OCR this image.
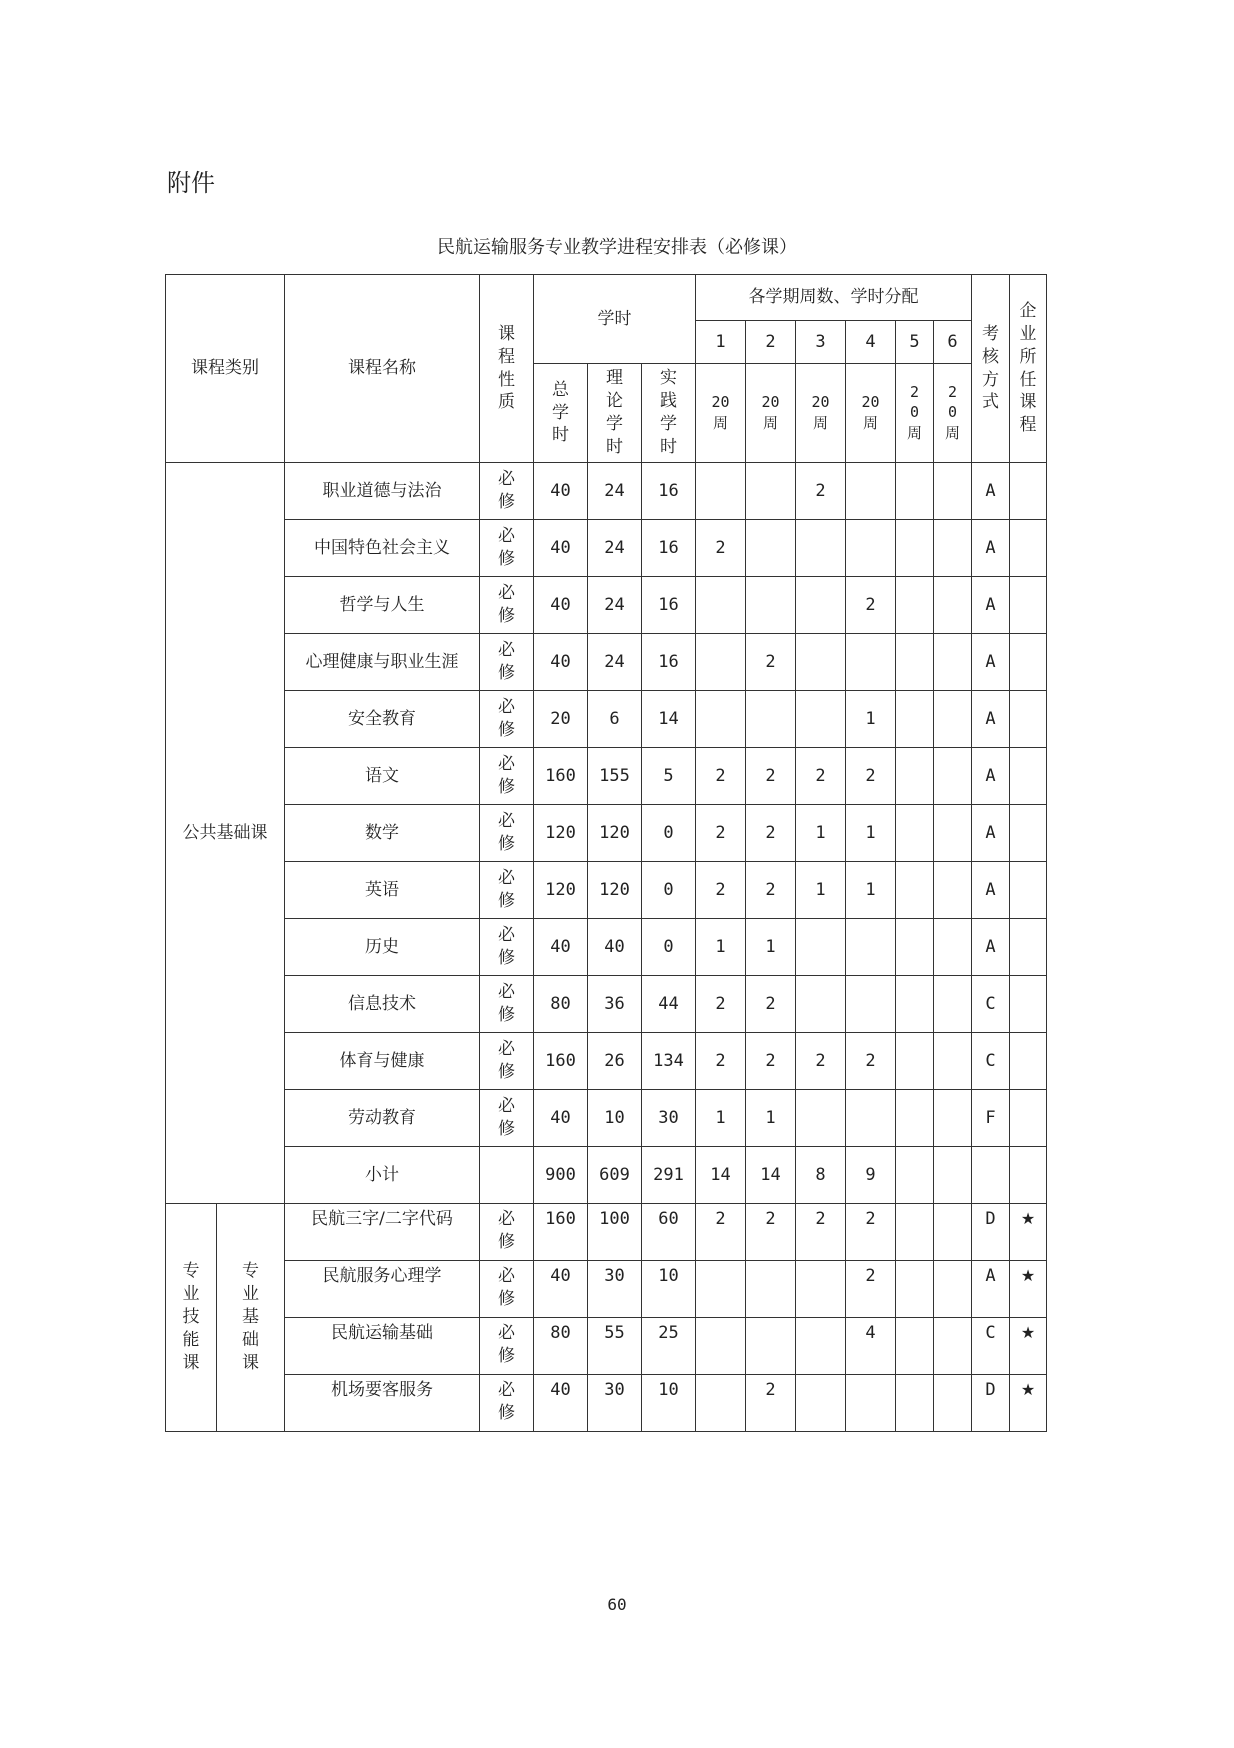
附件
民航运输服务专业教学进程安排表（必修课）
课程类别		课程名称	课程性质	学时			各学期周数、学时分配						考核方式	企业所任课程
							1	2	3	4	5	6		
				总学时	理论学时	实践学时	20周	20周	20周	20周	20周	20周		
公共基础课		职业道德与法治	必修	40	24	16			2				A	
		中国特色社会主义	必修	40	24	16	2						A	
		哲学与人生	必修	40	24	16				2			A	
		心理健康与职业生涯	必修	40	24	16		2					A	
		安全教育	必修	20	6	14				1			A	
		语文	必修	160	155	5	2	2	2	2			A	
		数学	必修	120	120	0	2	2	1	1			A	
		英语	必修	120	120	0	2	2	1	1			A	
		历史	必修	40	40	0	1	1					A	
		信息技术	必修	80	36	44	2	2					C	
		体育与健康	必修	160	26	134	2	2	2	2			C	
		劳动教育	必修	40	10	30	1	1					F	
		小计		900	609	291	14	14	8	9				
专业技能课	专业基础课	民航三字/二字代码	必修	160	100	60	2	2	2	2			D	★
		民航服务心理学	必修	40	30	10				2			A	★
		民航运输基础	必修	80	55	25				4			C	★
		机场要客服务	必修	40	30	10		2					D	★
60
